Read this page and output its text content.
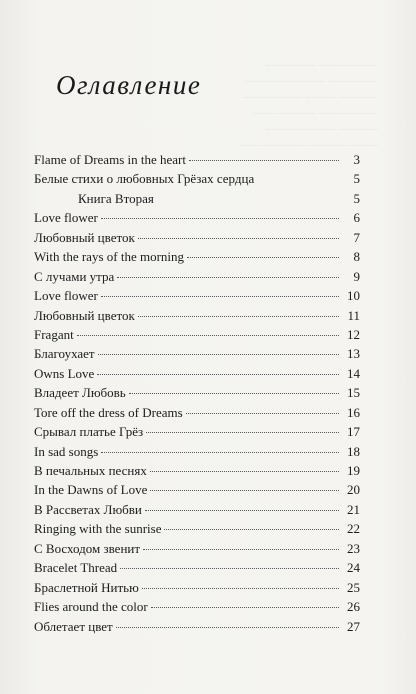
—————— —————
————— ————————
———— ——— ——————
—————— ———— ——
———— ———————
——— ———— ———— ——
Оглавление
Flame of Dreams in the heart	3
Белые стихи о любовных Грёзах сердца	5
Книга Вторая	5
Love flower	6
Любовный цветок	7
With the rays of the morning	8
С лучами утра	9
Love flower	10
Любовный цветок	11
Fragant	12
Благоухает	13
Owns Love	14
Владеет Любовь	15
Tore off the dress of Dreams	16
Срывал платье Грёз	17
In sad songs	18
В печальных песнях	19
In the Dawns of Love	20
В Рассветах Любви	21
Ringing with the sunrise	22
С Восходом звенит	23
Bracelet Thread	24
Браслетной Нитью	25
Flies around the color	26
Облетает цвет	27
